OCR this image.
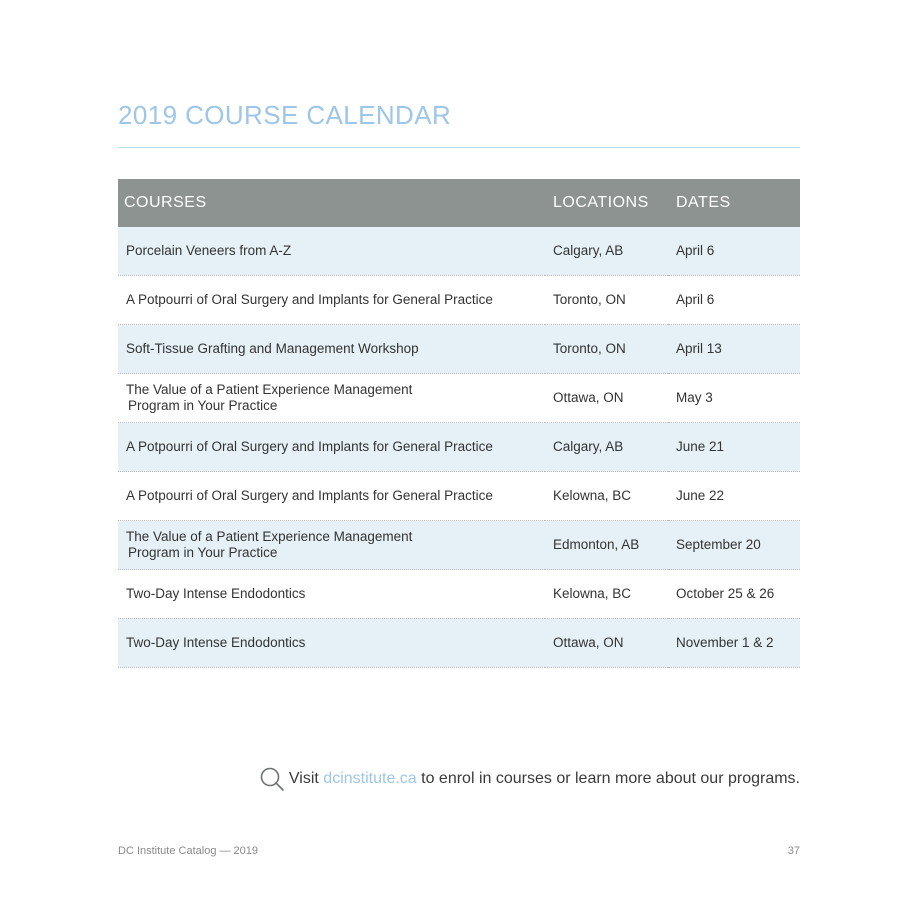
2019 COURSE CALENDAR
COURSES	LOCATIONS	DATES
Porcelain Veneers from A-Z	Calgary, AB	April 6
A Potpourri of Oral Surgery and Implants for General Practice	Toronto, ON	April 6
Soft-Tissue Grafting and Management Workshop	Toronto, ON	April 13
The Value of a Patient Experience Management
Program in Your Practice	Ottawa, ON	May 3
A Potpourri of Oral Surgery and Implants for General Practice	Calgary, AB	June 21
A Potpourri of Oral Surgery and Implants for General Practice	Kelowna, BC	June 22
The Value of a Patient Experience Management
Program in Your Practice	Edmonton, AB	September 20
Two-Day Intense Endodontics	Kelowna, BC	October 25 & 26
Two-Day Intense Endodontics	Ottawa, ON	November 1 & 2
Visit
dcinstitute.ca
to enrol in courses or learn more about our programs.
DC Institute Catalog — 2019	37
